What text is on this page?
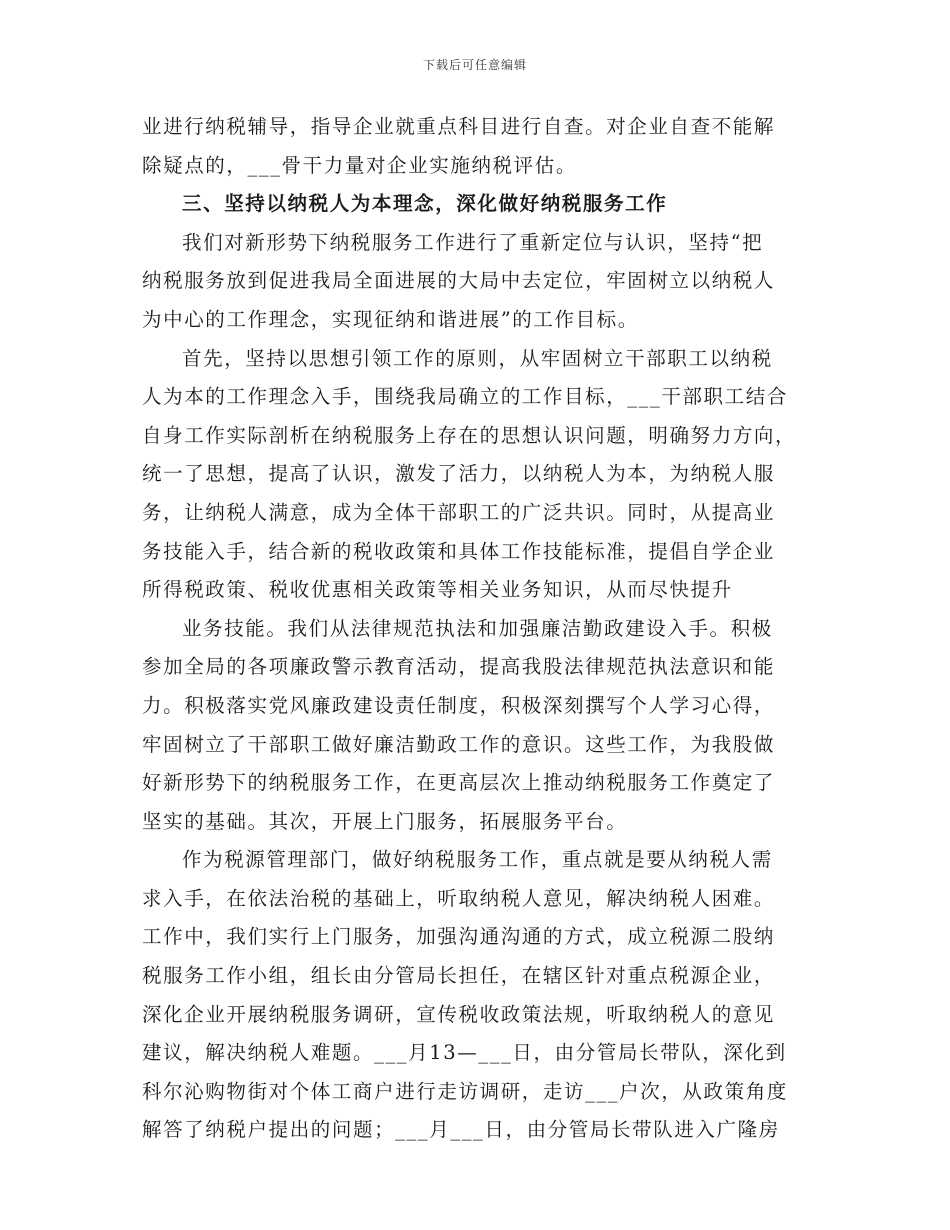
下载后可任意编辑
业进行纳税辅导，指导企业就重点科目进行自查。对企业自查不能解
除疑点的，___骨干力量对企业实施纳税评估。
三、坚持以纳税人为本理念，深化做好纳税服务工作
我们对新形势下纳税服务工作进行了重新定位与认识，坚持“把
纳税服务放到促进我局全面进展的大局中去定位，牢固树立以纳税人
为中心的工作理念，实现征纳和谐进展”的工作目标。
首先，坚持以思想引领工作的原则，从牢固树立干部职工以纳税
人为本的工作理念入手，围绕我局确立的工作目标，___干部职工结合
自身工作实际剖析在纳税服务上存在的思想认识问题，明确努力方向，
统一了思想，提高了认识，激发了活力，以纳税人为本，为纳税人服
务，让纳税人满意，成为全体干部职工的广泛共识。同时，从提高业
务技能入手，结合新的税收政策和具体工作技能标准，提倡自学企业
所得税政策、税收优惠相关政策等相关业务知识，从而尽快提升
业务技能。我们从法律规范执法和加强廉洁勤政建设入手。积极
参加全局的各项廉政警示教育活动，提高我股法律规范执法意识和能
力。积极落实党风廉政建设责任制度，积极深刻撰写个人学习心得，
牢固树立了干部职工做好廉洁勤政工作的意识。这些工作，为我股做
好新形势下的纳税服务工作，在更高层次上推动纳税服务工作奠定了
坚实的基础。其次，开展上门服务，拓展服务平台。
作为税源管理部门，做好纳税服务工作，重点就是要从纳税人需
求入手，在依法治税的基础上，听取纳税人意见，解决纳税人困难。
工作中，我们实行上门服务，加强沟通沟通的方式，成立税源二股纳
税服务工作小组，组长由分管局长担任，在辖区针对重点税源企业，
深化企业开展纳税服务调研，宣传税收政策法规，听取纳税人的意见
建议，解决纳税人难题。___月13—___日，由分管局长带队，深化到
科尔沁购物街对个体工商户进行走访调研，走访___户次，从政策角度
解答了纳税户提出的问题；___月___日，由分管局长带队进入广隆房
